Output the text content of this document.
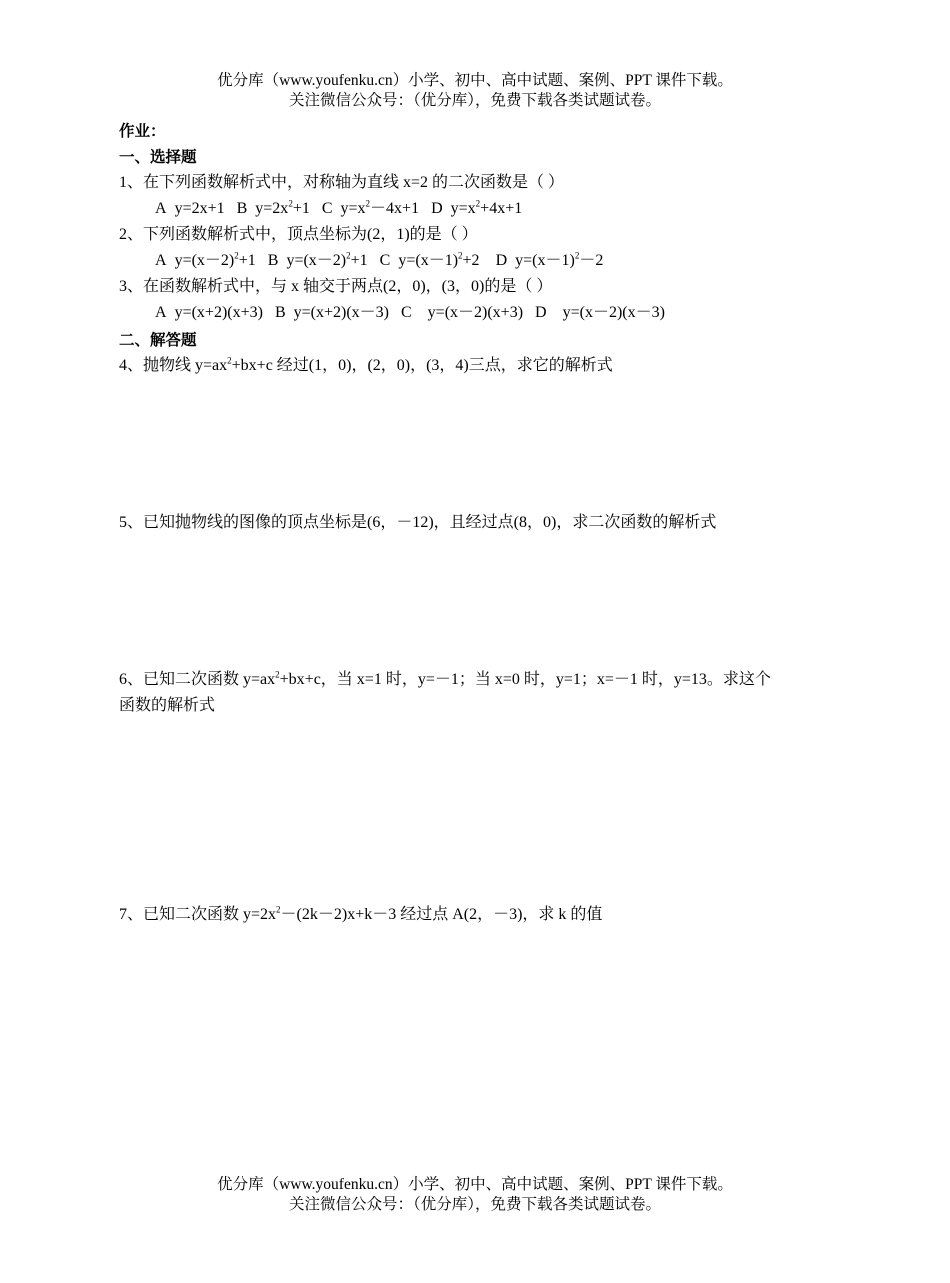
优分库（www.youfenku.cn）小学、初中、高中试题、案例、PPT 课件下载。
关注微信公众号：（优分库），免费下载各类试题试卷。
作业：
一、选择题
1、在下列函数解析式中，对称轴为直线 x=2 的二次函数是（ ）
A y=2x+1 B $y=2x^2+1$ C $y=x^2-4x+1$ D $y=x^2+4x+1$
2、下列函数解析式中，顶点坐标为(2，1)的是（ ）
A $y=(x-2)^2+1$ B $y=(x-2)^2+1$ C $y=(x-1)^2+2$ D $y=(x-1)^2-2$
3、在函数解析式中，与 x 轴交于两点(2，0)，(3，0)的是（ ）
A y=(x+2)(x+3) B y=(x+2)(x－3) C y=(x－2)(x+3) D y=(x－2)(x－3)
二、解答题
4、抛物线 $y=ax^2+bx+c$ 经过(1，0)，(2，0)，(3，4)三点，求它的解析式
5、已知抛物线的图像的顶点坐标是(6，－12)，且经过点(8，0)，求二次函数的解析式
6、已知二次函数 $y=ax^2+bx+c$，当 x=1 时，y=－1；当 x=0 时，y=1；x=－1 时，y=13。求这个
函数的解析式
7、已知二次函数 $y=2x^2-(2k-2)x+k-3$ 经过点 A(2，－3)，求 k 的值
优分库（www.youfenku.cn）小学、初中、高中试题、案例、PPT 课件下载。
关注微信公众号：（优分库），免费下载各类试题试卷。
